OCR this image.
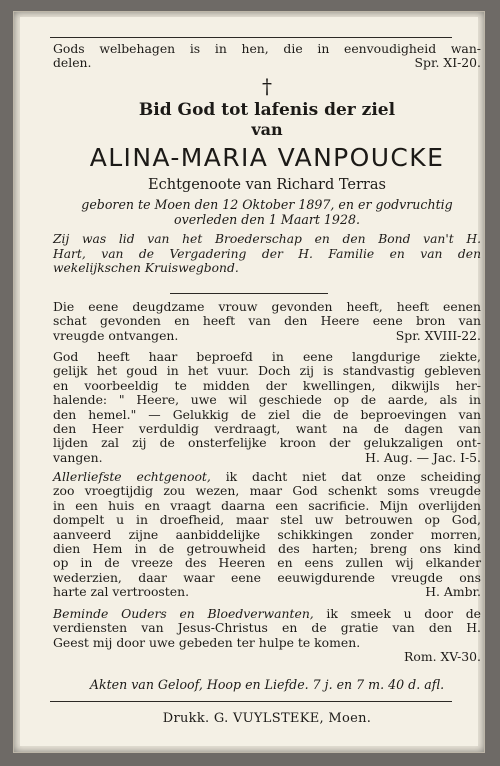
Gods welbehagen is in hen, die in eenvoudigheid wan-
delen.	Spr. XI-20.
†
Bid God tot lafenis der ziel
van
ALINA-MARIA VANPOUCKE
Echtgenoote van Richard Terras
geboren te Moen den 12 Oktober 1897, en er godvruchtig
overleden den 1 Maart 1928.
Zij was lid van het Broederschap en den Bond van't H.
Hart, van de Vergadering der H. Familie en van den
wekelijkschen Kruiswegbond.
Die eene deugdzame vrouw gevonden heeft, heeft eenen
schat gevonden en heeft van den Heere eene bron van
vreugde ontvangen.	Spr. XVIII-22.
God heeft haar beproefd in eene langdurige ziekte,
gelijk het goud in het vuur. Doch zij is standvastig gebleven
en voorbeeldig te midden der kwellingen, dikwijls her-
halende: " Heere, uwe wil geschiede op de aarde, als in
den hemel." — Gelukkig de ziel die de beproevingen van
den Heer verduldig verdraagt, want na de dagen van
lijden zal zij de onsterfelijke kroon der gelukzaligen ont-
vangen.	H. Aug. — Jac. I-5.
Allerliefste echtgenoot, ik dacht niet dat onze scheiding
zoo vroegtijdig zou wezen, maar God schenkt soms vreugde
in een huis en vraagt daarna een sacrificie. Mijn overlijden
dompelt u in droefheid, maar stel uw betrouwen op God,
aanveerd zijne aanbiddelijke schikkingen zonder morren,
dien Hem in de getrouwheid des harten; breng ons kind
op in de vreeze des Heeren en eens zullen wij elkander
wederzien, daar waar eene eeuwigdurende vreugde ons
harte zal vertroosten.	H. Ambr.
Beminde Ouders en Bloedverwanten, ik smeek u door de
verdiensten van Jesus-Christus en de gratie van den H.
Geest mij door uwe gebeden ter hulpe te komen.
Rom. XV-30.
Akten van Geloof, Hoop en Liefde. 7 j. en 7 m. 40 d. afl.
Drukk. G. VUYLSTEKE, Moen.
